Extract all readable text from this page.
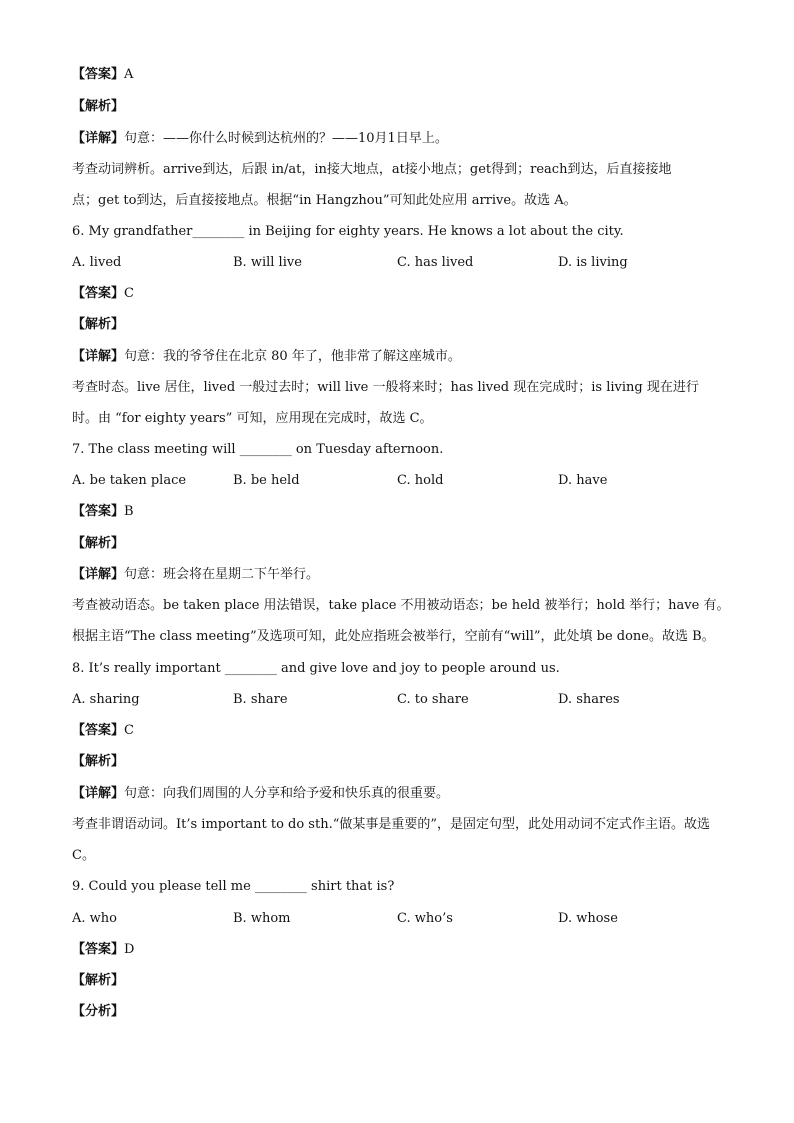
【答案】A
【解析】
【详解】句意：——你什么时候到达杭州的？——10月1日早上。
考查动词辨析。arrive到达，后跟 in/at，in接大地点，at接小地点；get得到；reach到达，后直接接地
点；get to到达，后直接接地点。根据“in Hangzhou”可知此处应用 arrive。故选 A。
6. My grandfather________ in Beijing for eighty years. He knows a lot about the city.
A. lived	B. will live	C. has lived	D. is living
【答案】C
【解析】
【详解】句意：我的爷爷住在北京 80 年了，他非常了解这座城市。
考查时态。live 居住，lived 一般过去时；will live 一般将来时；has lived 现在完成时；is living 现在进行
时。由 “for eighty years” 可知，应用现在完成时，故选 C。
7. The class meeting will ________ on Tuesday afternoon.
A. be taken place	B. be held	C. hold	D. have
【答案】B
【解析】
【详解】句意：班会将在星期二下午举行。
考查被动语态。be taken place 用法错误，take place 不用被动语态；be held 被举行；hold 举行；have 有。
根据主语“The class meeting”及选项可知，此处应指班会被举行，空前有“will”，此处填 be done。故选 B。
8. It’s really important ________ and give love and joy to people around us.
A. sharing	B. share	C. to share	D. shares
【答案】C
【解析】
【详解】句意：向我们周围的人分享和给予爱和快乐真的很重要。
考查非谓语动词。It’s important to do sth.“做某事是重要的”，是固定句型，此处用动词不定式作主语。故选
C。
9. Could you please tell me ________ shirt that is?
A. who	B. whom	C. who’s	D. whose
【答案】D
【解析】
【分析】
